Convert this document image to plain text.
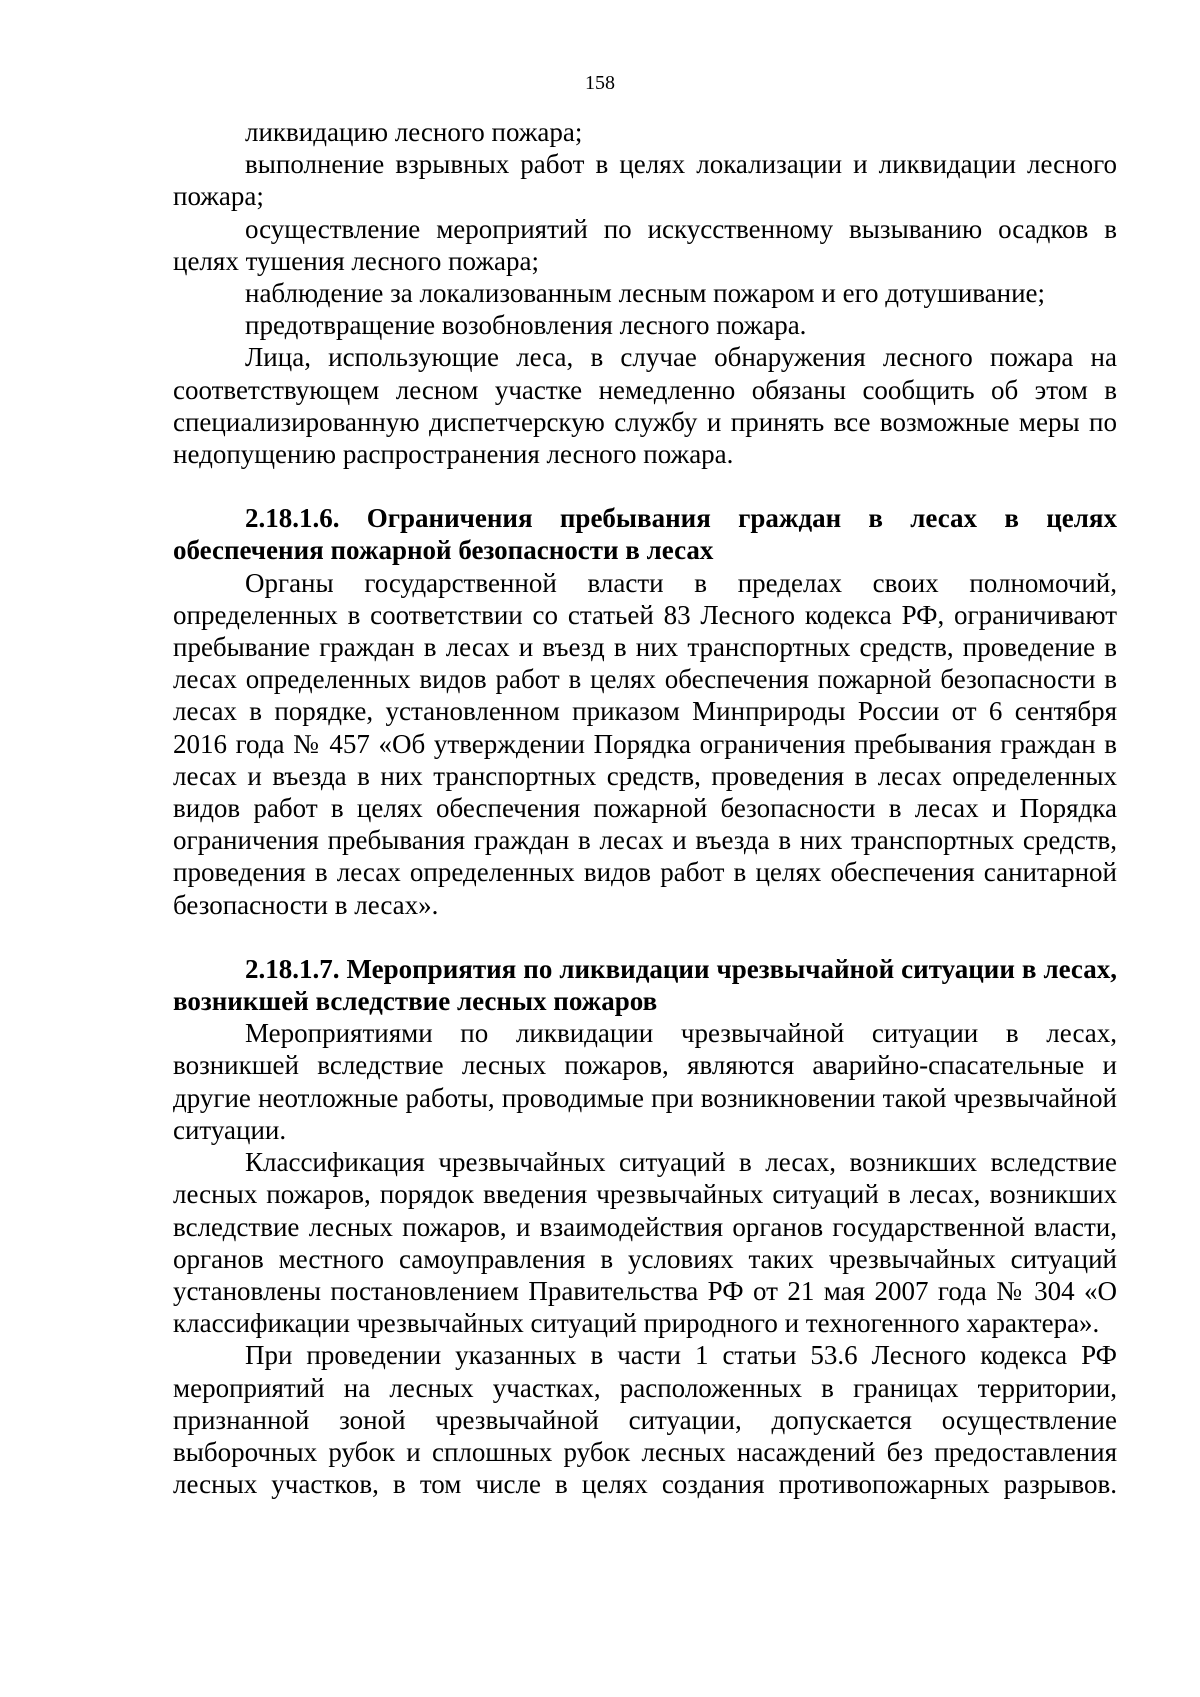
158

ликвидацию лесного пожара;

выполнение взрывных работ в целях локализации и ликвидации лесного пожара;

осуществление мероприятий по искусственному вызыванию осадков в целях тушения лесного пожара;

наблюдение за локализованным лесным пожаром и его дотушивание;

предотвращение возобновления лесного пожара.

Лица, использующие леса, в случае обнаружения лесного пожара на соответствующем лесном участке немедленно обязаны сообщить об этом в специализированную диспетчерскую службу и принять все возможные меры по недопущению распространения лесного пожара.

2.18.1.6. Ограничения пребывания граждан в лесах в целях обеспечения пожарной безопасности в лесах

Органы государственной власти в пределах своих полномочий, определенных в соответствии со статьей 83 Лесного кодекса РФ, ограничивают пребывание граждан в лесах и въезд в них транспортных средств, проведение в лесах определенных видов работ в целях обеспечения пожарной безопасности в лесах в порядке, установленном приказом Минприроды России от 6 сентября 2016 года № 457 «Об утверждении Порядка ограничения пребывания граждан в лесах и въезда в них транспортных средств, проведения в лесах определенных видов работ в целях обеспечения пожарной безопасности в лесах и Порядка ограничения пребывания граждан в лесах и въезда в них транспортных средств, проведения в лесах определенных видов работ в целях обеспечения санитарной безопасности в лесах».

2.18.1.7. Мероприятия по ликвидации чрезвычайной ситуации в лесах, возникшей вследствие лесных пожаров

Мероприятиями по ликвидации чрезвычайной ситуации в лесах, возникшей вследствие лесных пожаров, являются аварийно-спасательные и другие неотложные работы, проводимые при возникновении такой чрезвычайной ситуации.

Классификация чрезвычайных ситуаций в лесах, возникших вследствие лесных пожаров, порядок введения чрезвычайных ситуаций в лесах, возникших вследствие лесных пожаров, и взаимодействия органов государственной власти, органов местного самоуправления в условиях таких чрезвычайных ситуаций установлены постановлением Правительства РФ от 21 мая 2007 года № 304 «О классификации чрезвычайных ситуаций природного и техногенного характера».

При проведении указанных в части 1 статьи 53.6 Лесного кодекса РФ мероприятий на лесных участках, расположенных в границах территории, признанной зоной чрезвычайной ситуации, допускается осуществление выборочных рубок и сплошных рубок лесных насаждений без предоставления лесных участков, в том числе в целях создания противопожарных разрывов.
